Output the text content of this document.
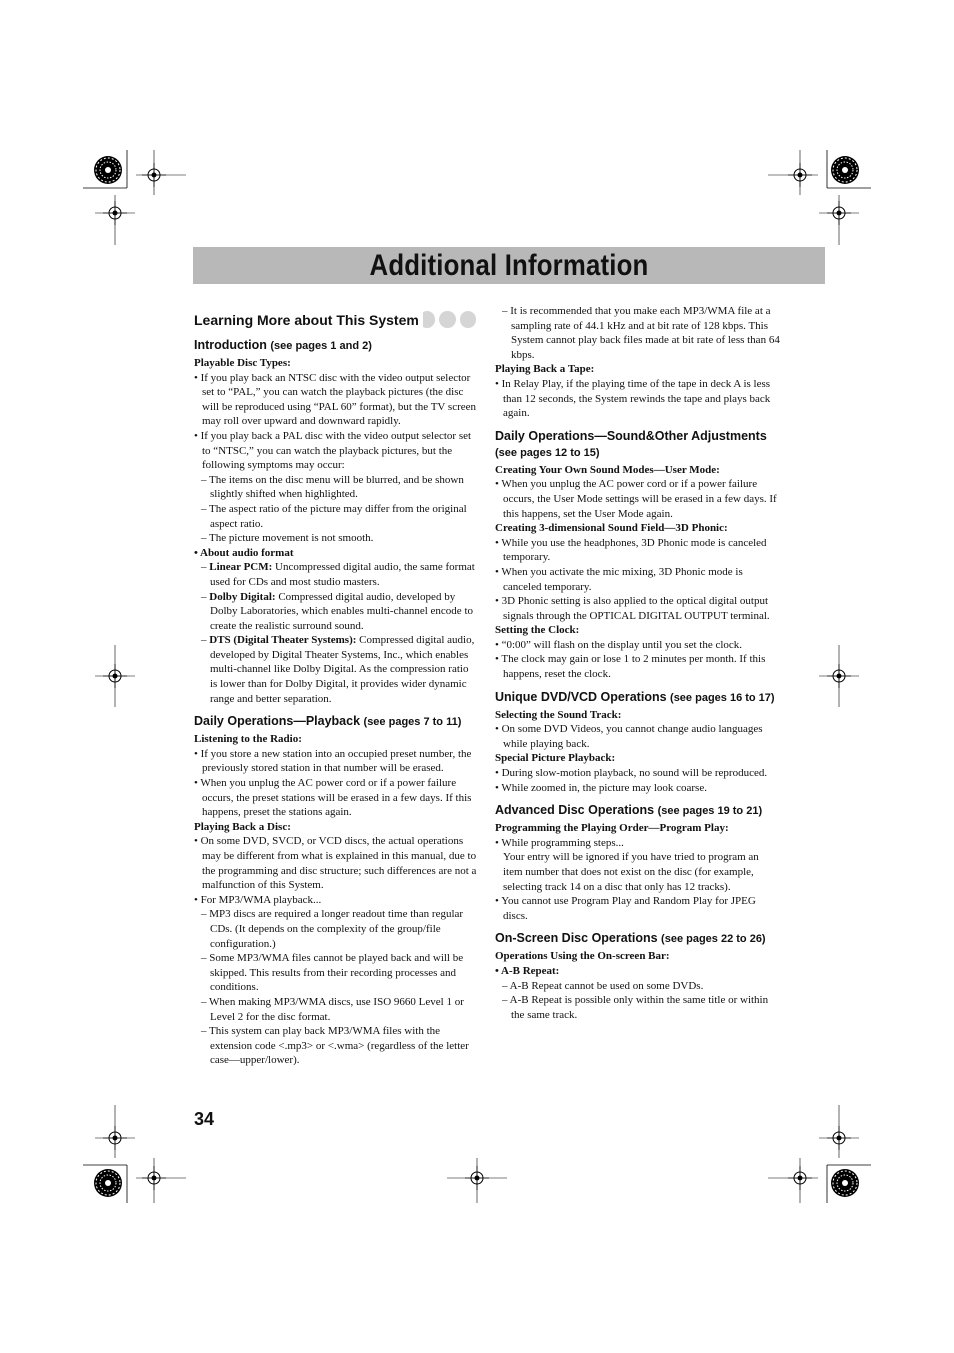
Additional Information
Learning More about This System
Introduction (see pages 1 and 2)
Playable Disc Types:
• If you play back an NTSC disc with the video output selector set to “PAL,” you can watch the playback pictures (the disc will be reproduced using “PAL 60” format), but the TV screen may roll over upward and downward rapidly.
• If you play back a PAL disc with the video output selector set to “NTSC,” you can watch the playback pictures, but the following symptoms may occur:
– The items on the disc menu will be blurred, and be shown slightly shifted when highlighted.
– The aspect ratio of the picture may differ from the original aspect ratio.
– The picture movement is not smooth.
• About audio format
– Linear PCM: Uncompressed digital audio, the same format used for CDs and most studio masters.
– Dolby Digital: Compressed digital audio, developed by Dolby Laboratories, which enables multi-channel encode to create the realistic surround sound.
– DTS (Digital Theater Systems): Compressed digital audio, developed by Digital Theater Systems, Inc., which enables multi-channel like Dolby Digital. As the compression ratio is lower than for Dolby Digital, it provides wider dynamic range and better separation.
Daily Operations—Playback (see pages 7 to 11)
Listening to the Radio:
• If you store a new station into an occupied preset number, the previously stored station in that number will be erased.
• When you unplug the AC power cord or if a power failure occurs, the preset stations will be erased in a few days. If this happens, preset the stations again.
Playing Back a Disc:
• On some DVD, SVCD, or VCD discs, the actual operations may be different from what is explained in this manual, due to the programming and disc structure; such differences are not a malfunction of this System.
• For MP3/WMA playback...
– MP3 discs are required a longer readout time than regular CDs. (It depends on the complexity of the group/file configuration.)
– Some MP3/WMA files cannot be played back and will be skipped. This results from their recording processes and conditions.
– When making MP3/WMA discs, use ISO 9660 Level 1 or Level 2 for the disc format.
– This system can play back MP3/WMA files with the extension code <.mp3> or <.wma> (regardless of the letter case—upper/lower).
– It is recommended that you make each MP3/WMA file at a sampling rate of 44.1 kHz and at bit rate of 128 kbps. This System cannot play back files made at bit rate of less than 64 kbps.
Playing Back a Tape:
• In Relay Play, if the playing time of the tape in deck A is less than 12 seconds, the System rewinds the tape and plays back again.
Daily Operations—Sound&Other Adjustments
(see pages 12 to 15)
Creating Your Own Sound Modes—User Mode:
• When you unplug the AC power cord or if a power failure occurs, the User Mode settings will be erased in a few days. If this happens, set the User Mode again.
Creating 3-dimensional Sound Field—3D Phonic:
• While you use the headphones, 3D Phonic mode is canceled temporary.
• When you activate the mic mixing, 3D Phonic mode is canceled temporary.
• 3D Phonic setting is also applied to the optical digital output signals through the OPTICAL DIGITAL OUTPUT terminal.
Setting the Clock:
• “0:00” will flash on the display until you set the clock.
• The clock may gain or lose 1 to 2 minutes per month. If this happens, reset the clock.
Unique DVD/VCD Operations (see pages 16 to 17)
Selecting the Sound Track:
• On some DVD Videos, you cannot change audio languages while playing back.
Special Picture Playback:
• During slow-motion playback, no sound will be reproduced.
• While zoomed in, the picture may look coarse.
Advanced Disc Operations (see pages 19 to 21)
Programming the Playing Order—Program Play:
• While programming steps...
Your entry will be ignored if you have tried to program an item number that does not exist on the disc (for example, selecting track 14 on a disc that only has 12 tracks).
• You cannot use Program Play and Random Play for JPEG discs.
On-Screen Disc Operations (see pages 22 to 26)
Operations Using the On-screen Bar:
• A-B Repeat:
– A-B Repeat cannot be used on some DVDs.
– A-B Repeat is possible only within the same title or within the same track.
34
